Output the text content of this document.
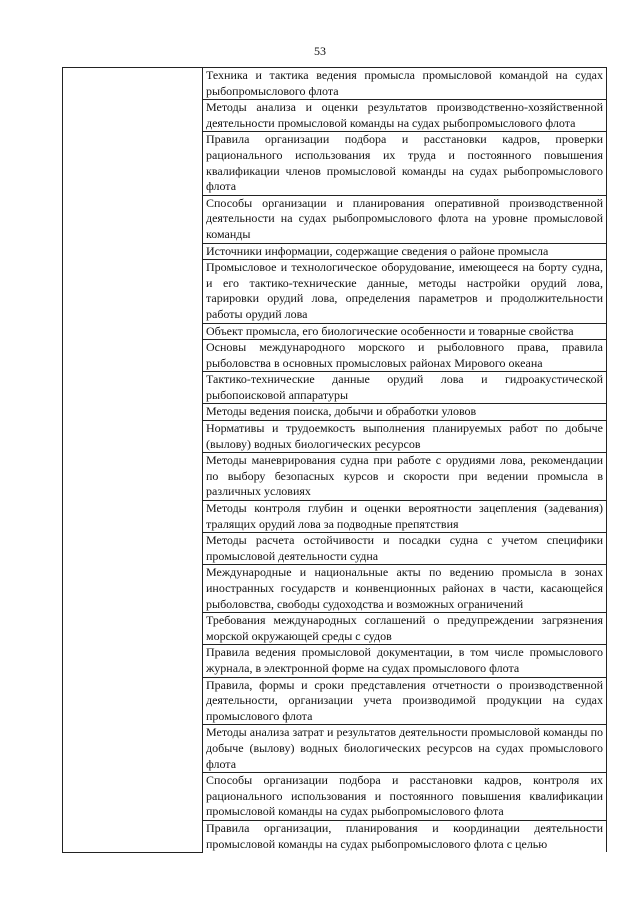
53
	Техника и тактика ведения промысла промысловой командой на судах рыбопромыслового флота
Методы анализа и оценки результатов производственно-хозяйственной деятельности промысловой команды на судах рыбопромыслового флота
Правила организации подбора и расстановки кадров, проверки рационального использования их труда и постоянного повышения квалификации членов промысловой команды на судах рыбопромыслового флота
Способы организации и планирования оперативной производственной деятельности на судах рыбопромыслового флота на уровне промысловой команды
Источники информации, содержащие сведения о районе промысла
Промысловое и технологическое оборудование, имеющееся на борту судна, и его тактико-технические данные, методы настройки орудий лова, тарировки орудий лова, определения параметров и продолжительности работы орудий лова
Объект промысла, его биологические особенности и товарные свойства
Основы международного морского и рыболовного права, правила рыболовства в основных промысловых районах Мирового океана
Тактико-технические данные орудий лова и гидроакустической рыбопоисковой аппаратуры
Методы ведения поиска, добычи и обработки уловов
Нормативы и трудоемкость выполнения планируемых работ по добыче (вылову) водных биологических ресурсов
Методы маневрирования судна при работе с орудиями лова, рекомендации по выбору безопасных курсов и скорости при ведении промысла в различных условиях
Методы контроля глубин и оценки вероятности зацепления (задевания) тралящих орудий лова за подводные препятствия
Методы расчета остойчивости и посадки судна с учетом специфики промысловой деятельности судна
Международные и национальные акты по ведению промысла в зонах иностранных государств и конвенционных районах в части, касающейся рыболовства, свободы судоходства и возможных ограничений
Требования международных соглашений о предупреждении загрязнения морской окружающей среды с судов
Правила ведения промысловой документации, в том числе промыслового журнала, в электронной форме на судах промыслового флота
Правила, формы и сроки представления отчетности о производственной деятельности, организации учета производимой продукции на судах промыслового флота
Методы анализа затрат и результатов деятельности промысловой команды по добыче (вылову) водных биологических ресурсов на судах промыслового флота
Способы организации подбора и расстановки кадров, контроля их рационального использования и постоянного повышения квалификации промысловой команды на судах рыбопромыслового флота
Правила организации, планирования и координации деятельности промысловой команды на судах рыбопромыслового флота с целью
